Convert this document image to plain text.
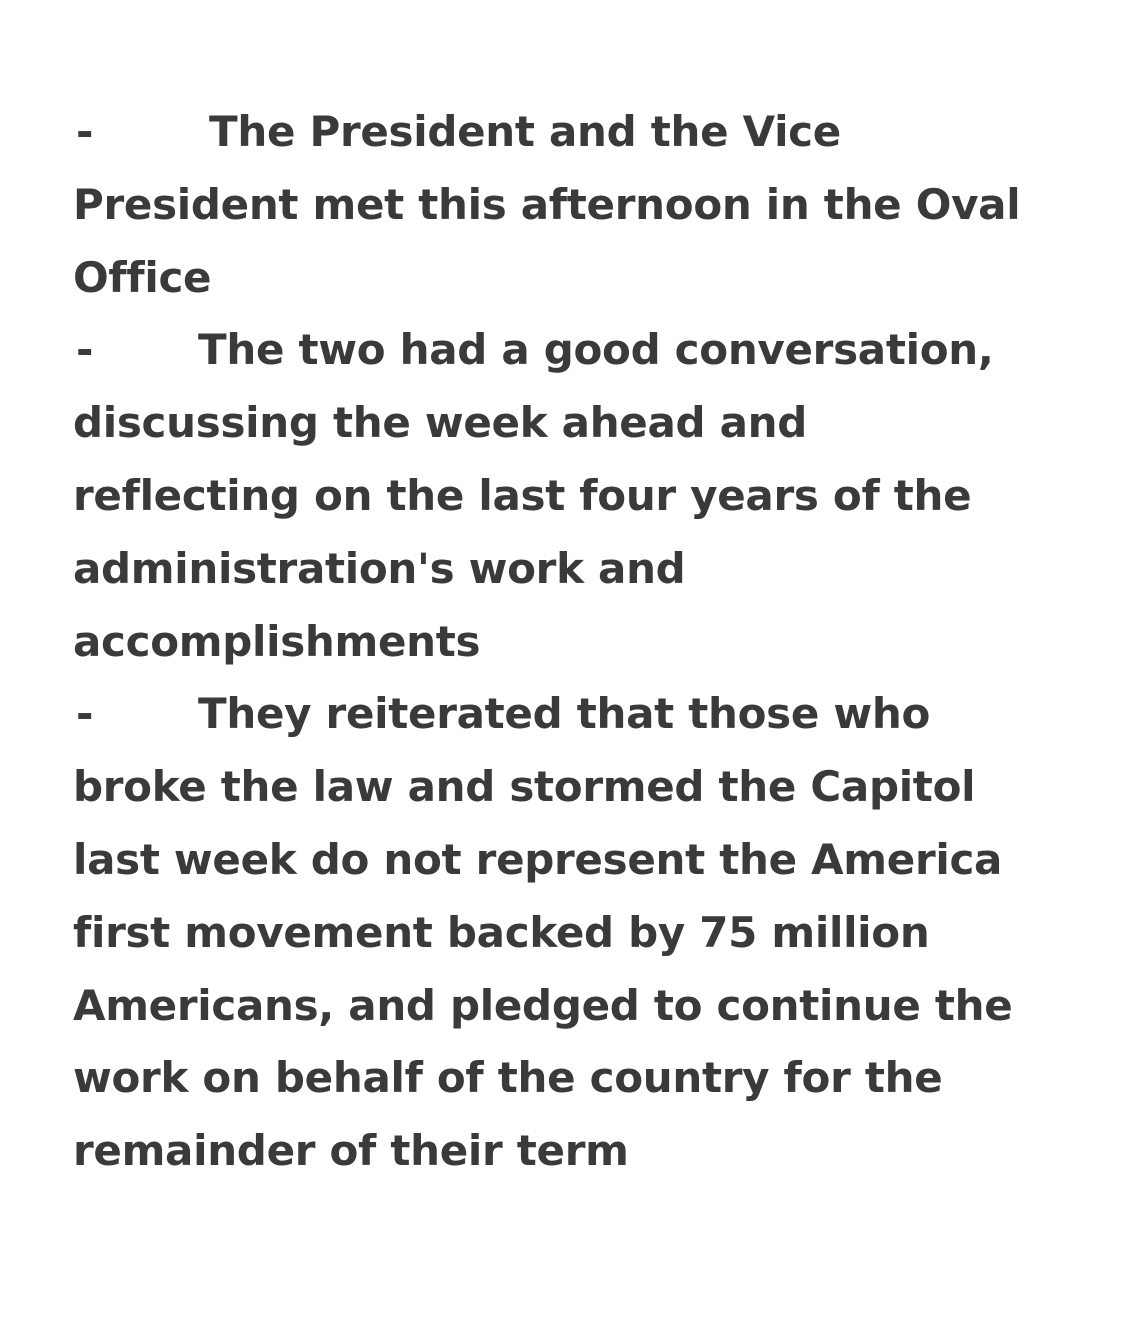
-	The President and the Vice
President met this afternoon in the Oval
Office
- The two had a good conversation,
discussing the week ahead and
reflecting on the last four years of the
administration's work and
accomplishments
- They reiterated that those who
broke the law and stormed the Capitol
last week do not represent the America
first movement backed by 75 million
Americans, and pledged to continue the
work on behalf of the country for the
remainder of their term
